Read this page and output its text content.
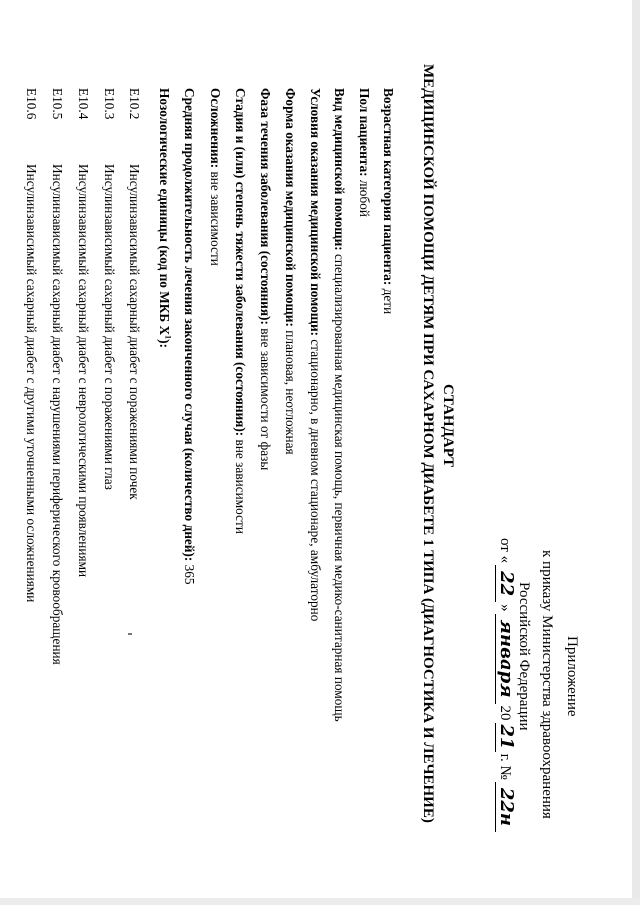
Приложение
к приказу Министерства здравоохранения
Российской Федерации
от «
22
»
января
20
21
г. №
22н
СТАНДАРТ
МЕДИЦИНСКОЙ ПОМОЩИ ДЕТЯМ ПРИ САХАРНОМ ДИАБЕТЕ 1 ТИПА (ДИАГНОСТИКА И ЛЕЧЕНИЕ)
Возрастная категория пациента: дети
Пол пациента: любой
Вид медицинской помощи: специализированная медицинская помощь, первичная медико-санитарная помощь
Условия оказания медицинской помощи: стационарно, в дневном стационаре, амбулаторно
Форма оказания медицинской помощи: плановая, неотложная
Фаза течения заболевания (состояния): вне зависимости от фазы
Стадия и (или) степень тяжести заболевания (состояния): вне зависимости
Осложнения: вне зависимости
Средняя продолжительность лечения законченного случая (количество дней): 365
Нозологические единицы (код по МКБ $X^1$):
E10.2
Инсулинзависимый сахарный диабет с поражениями почек
E10.3
Инсулинзависимый сахарный диабет с поражениями глаз
E10.4
Инсулинзависимый сахарный диабет с неврологическими проявлениями
E10.5
Инсулинзависимый сахарный диабет с нарушениями периферического кровообращения
E10.6
Инсулинзависимый сахарный диабет с другими уточненными осложнениями
